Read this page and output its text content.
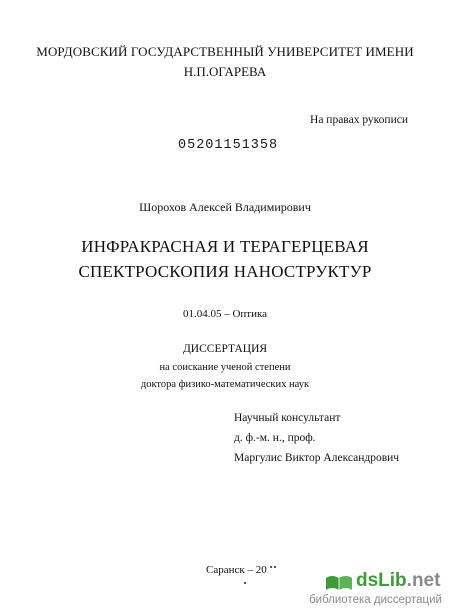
МОРДОВСКИЙ ГОСУДАРСТВЕННЫЙ УНИВЕРСИТЕТ ИМЕНИ
Н.П.ОГАРЕВА
На правах рукописи
05201151358
Шорохов Алексей Владимирович
ИНФРАКРАСНАЯ И ТЕРАГЕРЦЕВАЯ
СПЕКТРОСКОПИЯ НАНОСТРУКТУР
01.04.05 – Оптика
ДИССЕРТАЦИЯ
на соискание ученой степени
доктора физико-математических наук
Научный консультант
д. ф.-м. н., проф.
Маргулис Виктор Александрович
Саранск – 20	dsLib.net
библиотека диссертаций
